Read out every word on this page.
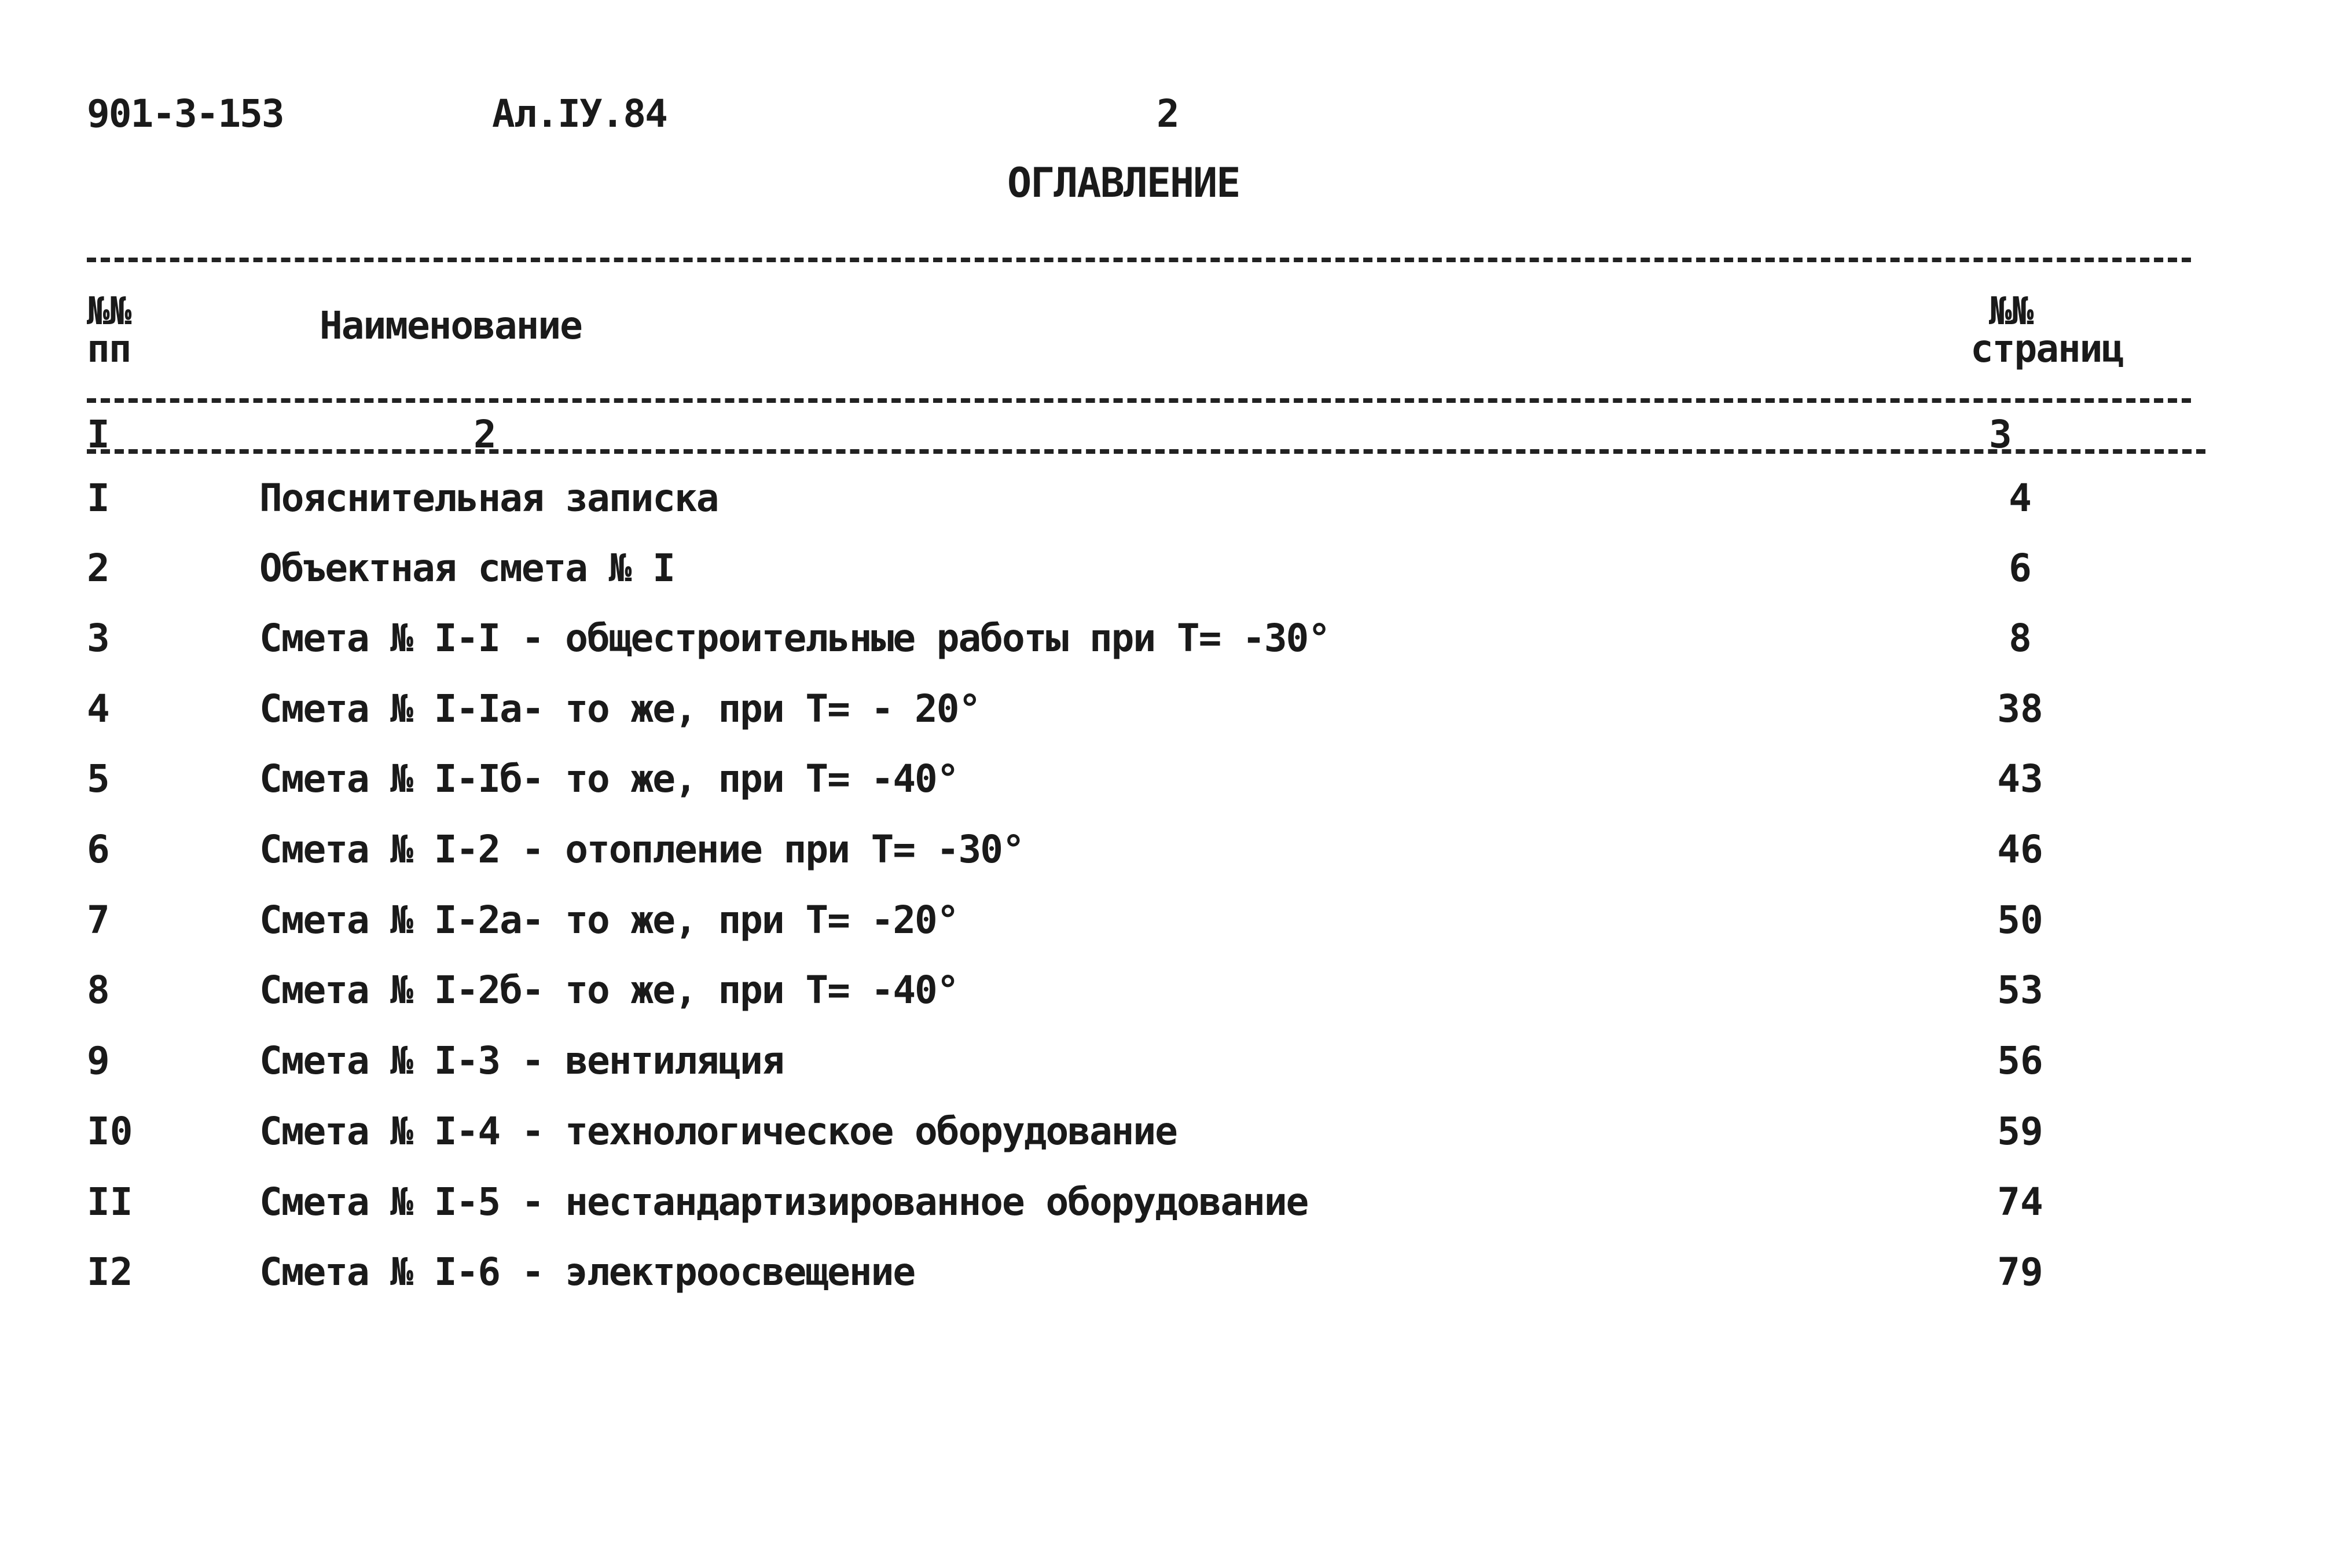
901-3-153	Ал.IУ.84	2
ОГЛАВЛЕНИЕ
№№
пп
Наименование	№№
страниц
I	2	3
I	Пояснительная записка	4
2	Объектная смета № I	6
3	Смета № I-I - общестроительные работы при Т= -30°	8
4	Смета № I-Iа- то же, при Т= - 20°	38
5	Смета № I-Iб- то же, при Т= -40°	43
6	Смета № I-2 - отопление при Т= -30°	46
7	Смета № I-2а- то же, при Т= -20°	50
8	Смета № I-2б- то же, при Т= -40°	53
9	Смета № I-3 - вентиляция	56
I0	Смета № I-4 - технологическое оборудование	59
II	Смета № I-5 - нестандартизированное оборудование	74
I2	Смета № I-6 - электроосвещение	79
